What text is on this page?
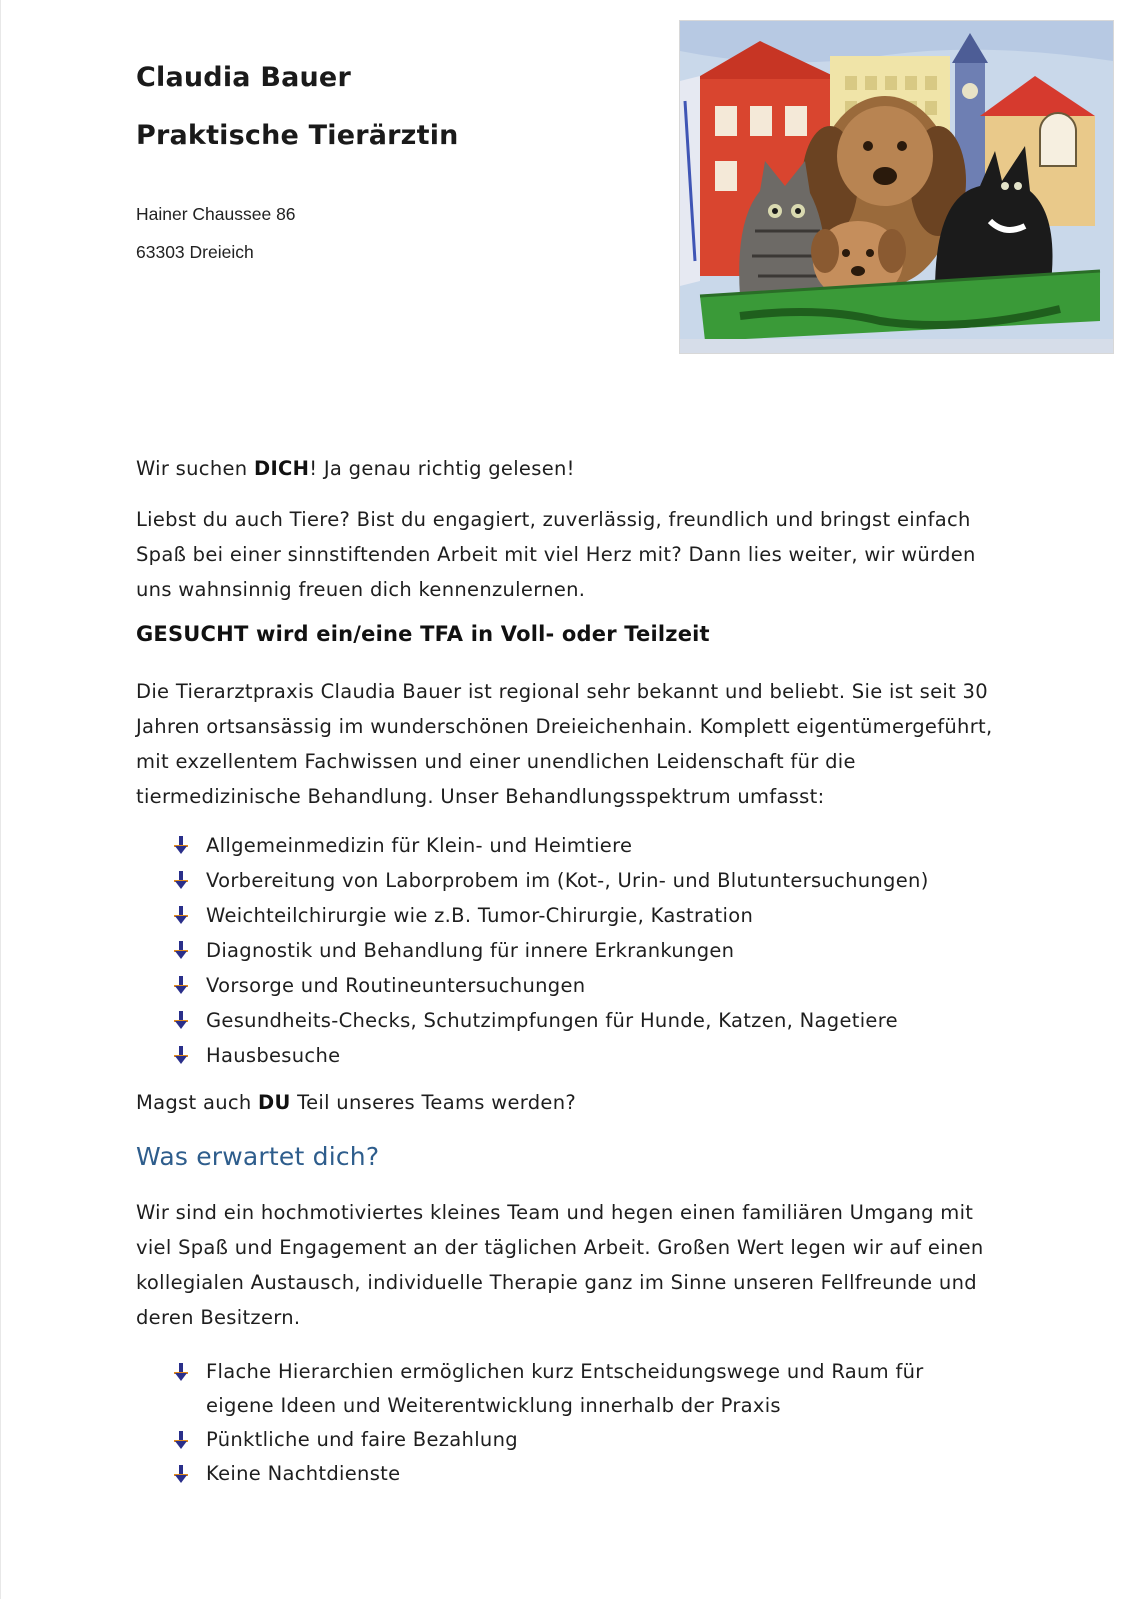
Claudia Bauer
Praktische Tierärztin
Hainer Chaussee 86
63303 Dreieich
Wir suchen DICH! Ja genau richtig gelesen!
Liebst du auch Tiere? Bist du engagiert, zuverlässig, freundlich und bringst einfach Spaß bei einer sinnstiftenden Arbeit mit viel Herz mit? Dann lies weiter, wir würden uns wahnsinnig freuen dich kennenzulernen.
GESUCHT wird ein/eine TFA in Voll- oder Teilzeit
Die Tierarztpraxis Claudia Bauer ist regional sehr bekannt und beliebt. Sie ist seit 30 Jahren ortsansässig im wunderschönen Dreieichenhain. Komplett eigentümergeführt, mit exzellentem Fachwissen und einer unendlichen Leidenschaft für die tiermedizinische Behandlung. Unser Behandlungsspektrum umfasst:
Allgemeinmedizin für Klein- und Heimtiere
Vorbereitung von Laborprobem im (Kot-, Urin- und Blutuntersuchungen)
Weichteilchirurgie wie z.B. Tumor-Chirurgie, Kastration
Diagnostik und Behandlung für innere Erkrankungen
Vorsorge und Routineuntersuchungen
Gesundheits-Checks, Schutzimpfungen für Hunde, Katzen, Nagetiere
Hausbesuche
Magst auch DU Teil unseres Teams werden?
Was erwartet dich?
Wir sind ein hochmotiviertes kleines Team und hegen einen familiären Umgang mit viel Spaß und Engagement an der täglichen Arbeit. Großen Wert legen wir auf einen kollegialen Austausch, individuelle Therapie ganz im Sinne unseren Fellfreunde und deren Besitzern.
Flache Hierarchien ermöglichen kurz Entscheidungswege und Raum für eigene Ideen und Weiterentwicklung innerhalb der Praxis
Pünktliche und faire Bezahlung
Keine Nachtdienste
